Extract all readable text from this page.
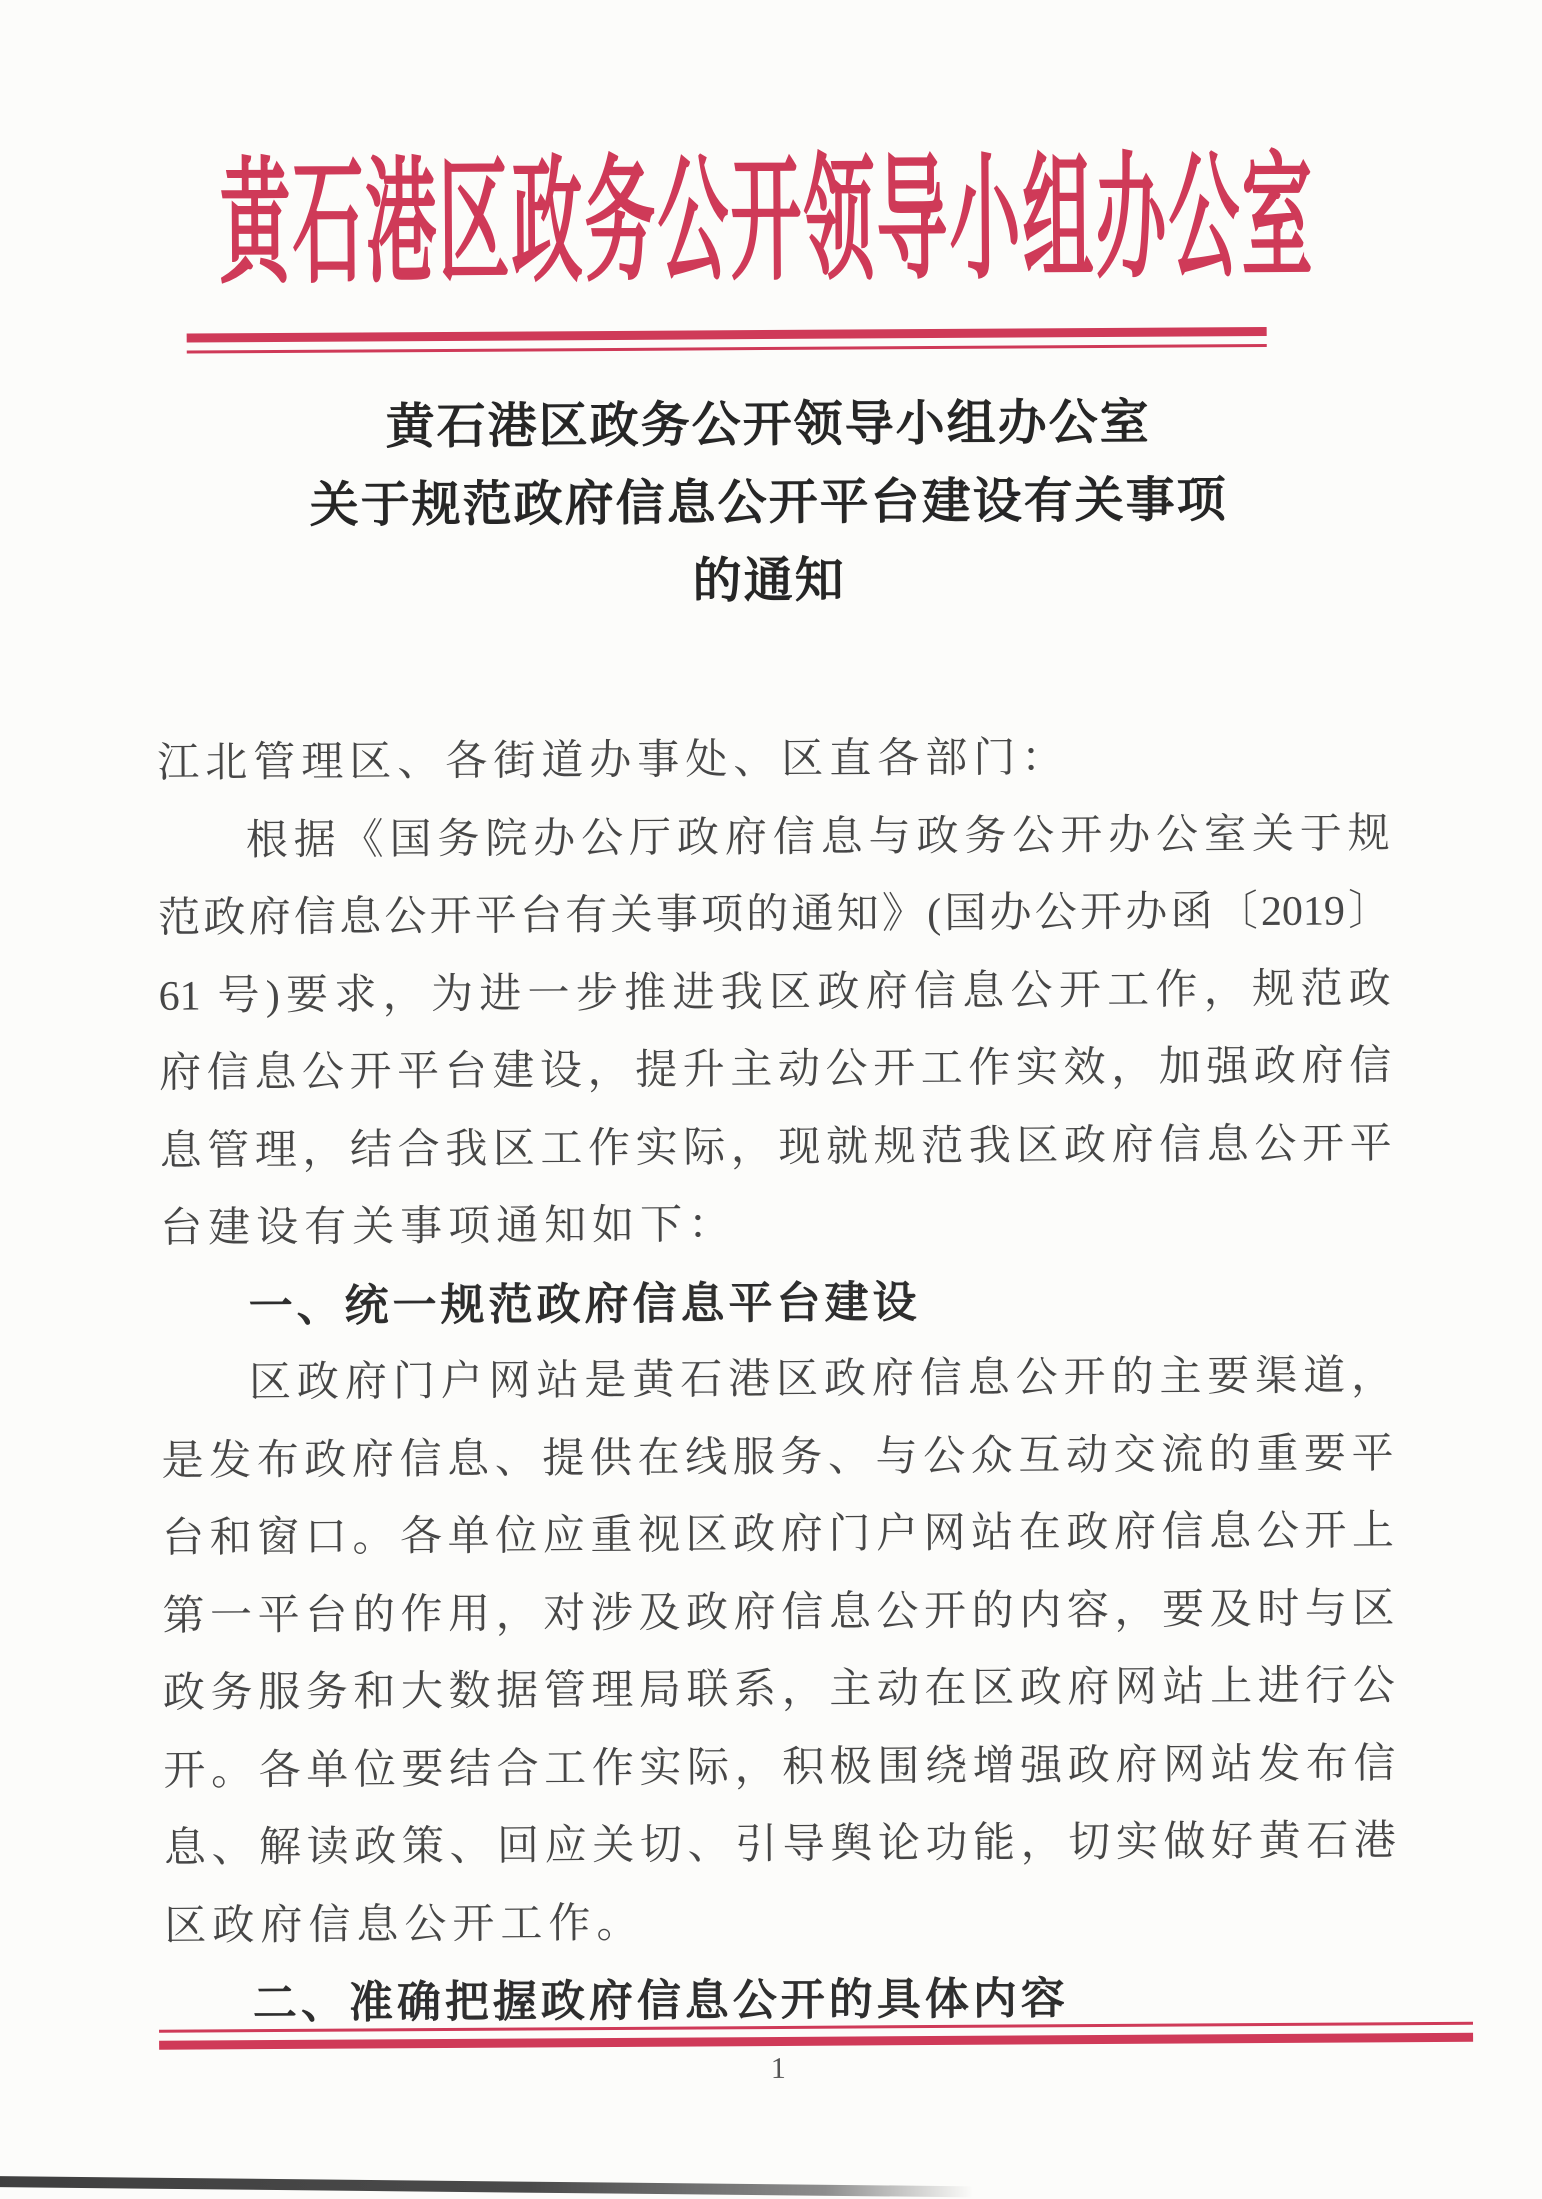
黄石港区政务公开领导小组办公室
黄石港区政务公开领导小组办公室
关于规范政府信息公开平台建设有关事项
的通知
江北管理区、各街道办事处、区直各部门：
根据《国务院办公厅政府信息与政务公开办公室关于规
范政府信息公开平台有关事项的通知》(国办公开办函〔2019〕
61 号)要求，为进一步推进我区政府信息公开工作，规范政
府信息公开平台建设，提升主动公开工作实效，加强政府信
息管理，结合我区工作实际，现就规范我区政府信息公开平
台建设有关事项通知如下：
一、统一规范政府信息平台建设
区政府门户网站是黄石港区政府信息公开的主要渠道，
是发布政府信息、提供在线服务、与公众互动交流的重要平
台和窗口。各单位应重视区政府门户网站在政府信息公开上
第一平台的作用，对涉及政府信息公开的内容，要及时与区
政务服务和大数据管理局联系，主动在区政府网站上进行公
开。各单位要结合工作实际，积极围绕增强政府网站发布信
息、解读政策、回应关切、引导舆论功能，切实做好黄石港
区政府信息公开工作。
二、准确把握政府信息公开的具体内容
1
